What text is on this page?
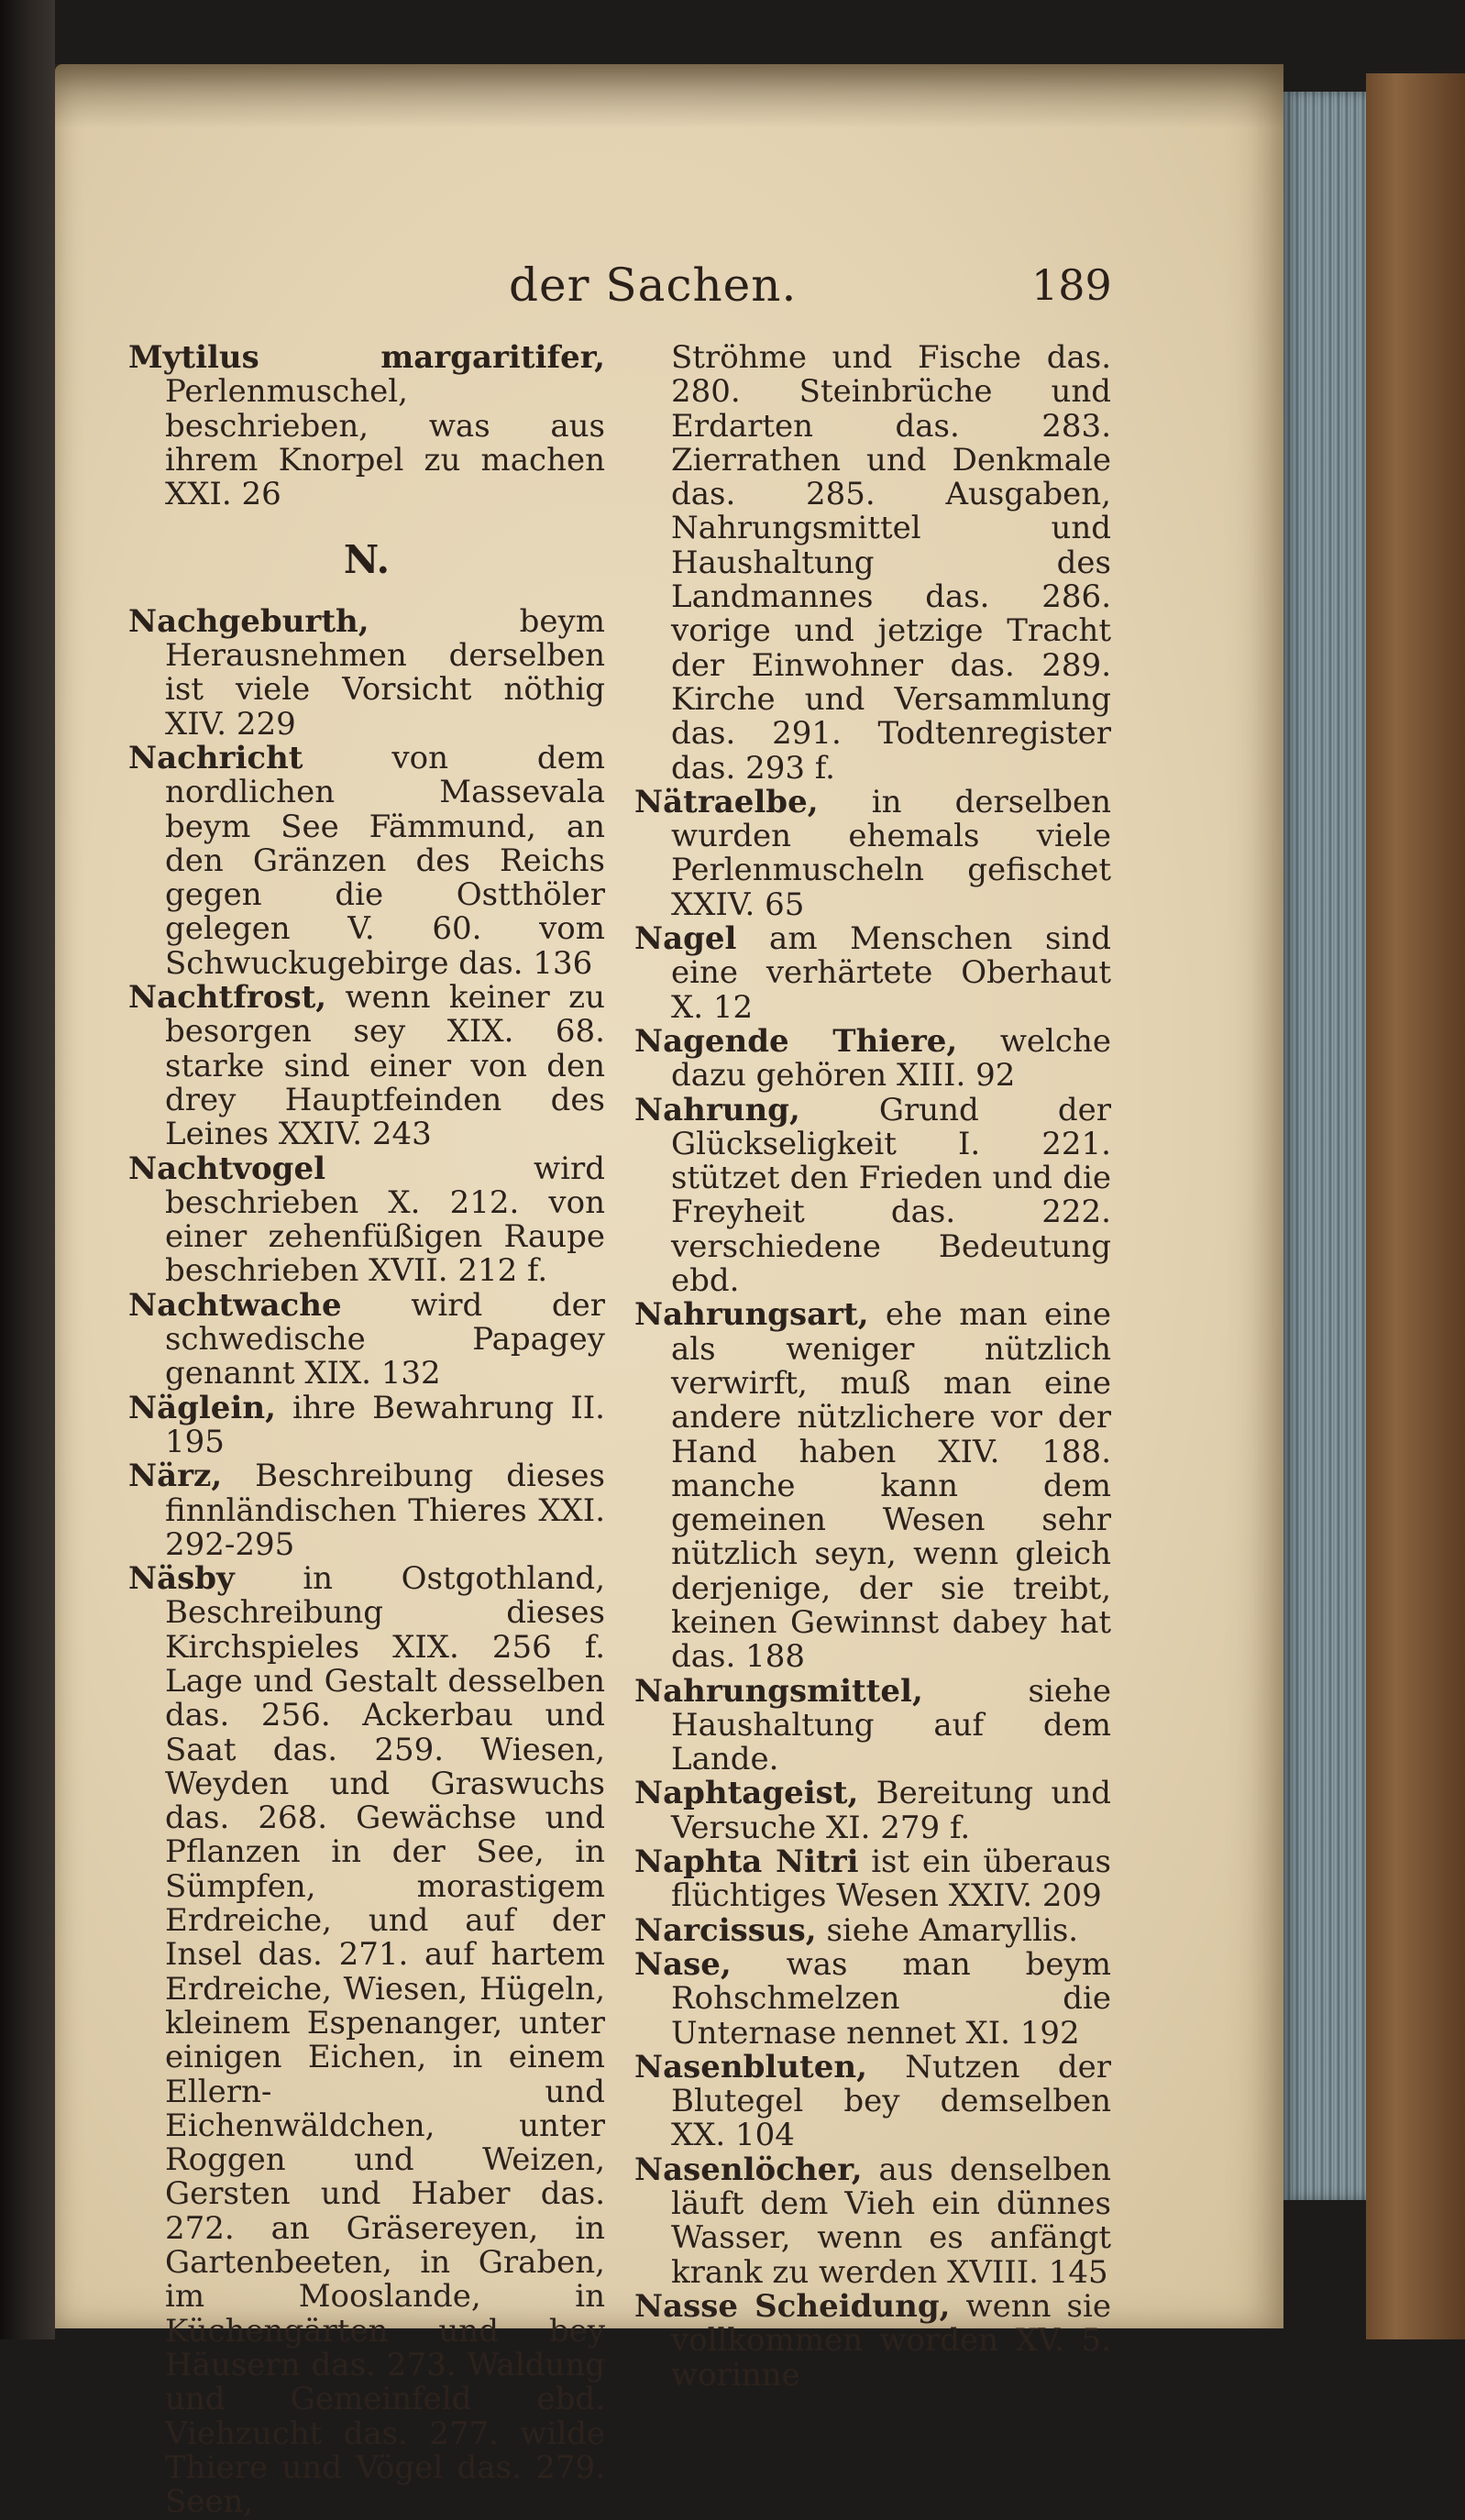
der Sachen.	189
Mytilus margaritifer, Perlenmuschel, beschrieben, was aus ihrem Knorpel zu machen XXI. 26
N.
Nachgeburth,	beym Herausnehmen derselben ist viele Vorsicht nöthig XIV. 229
Nachricht	von dem nordlichen Massevala beym See Fämmund, an den Gränzen des Reichs gegen die Ostthöler gelegen V. 60. vom Schwuckugebirge das. 136
Nachtfrost, wenn keiner zu besorgen sey XIX. 68. starke sind einer von den drey Hauptfeinden des Leines XXIV. 243
Nachtvogel	wird beschrieben X. 212. von einer zehenfüßigen Raupe beschrieben XVII. 212 f.
Nachtwache wird der schwedische Papagey genannt XIX. 132
Näglein, ihre Bewahrung II. 195
Närz, Beschreibung dieses finnländischen Thieres XXI. 292-295
Näsby in Ostgothland, Beschreibung dieses Kirchspieles XIX. 256 f. Lage und Gestalt desselben das. 256. Ackerbau und Saat das. 259. Wiesen, Weyden und Graswuchs das. 268. Gewächse und Pflanzen in der See, in Sümpfen, morastigem Erdreiche, und auf der Insel das. 271. auf hartem Erdreiche, Wiesen, Hügeln, kleinem Espenanger, unter einigen Eichen, in einem Ellern- und Eichenwäldchen, unter Roggen und Weizen, Gersten und Haber das. 272. an Gräsereyen, in Gartenbeeten, in Graben, im Mooslande, in Küchengärten und bey Häusern das. 273. Waldung und Gemeinfeld ebd. Viehzucht das. 277. wilde Thiere und Vögel das. 279. Seen,
Ströhme und Fische das. 280. Steinbrüche und Erdarten das. 283. Zierrathen und Denkmale das. 285. Ausgaben, Nahrungsmittel und Haushaltung des Landmannes das. 286. vorige und jetzige Tracht der Einwohner das. 289. Kirche und Versammlung das. 291. Todtenregister das. 293 f.
Nätraelbe, in derselben wurden ehemals viele Perlenmuscheln gefischet XXIV. 65
Nagel am Menschen sind eine verhärtete Oberhaut X. 12
Nagende Thiere, welche dazu gehören XIII. 92
Nahrung,	Grund der Glückseligkeit I. 221. stützet den Frieden und die Freyheit das. 222. verschiedene Bedeutung ebd.
Nahrungsart, ehe man eine als weniger nützlich verwirft, muß man eine andere nützlichere vor der Hand haben XIV. 188. manche kann dem gemeinen Wesen sehr nützlich seyn, wenn gleich derjenige, der sie treibt, keinen Gewinnst dabey hat das. 188
Nahrungsmittel,	siehe Haushaltung auf dem Lande.
Naphtageist, Bereitung und Versuche XI. 279 f.
Naphta Nitri ist ein überaus flüchtiges Wesen XXIV. 209
Narcissus, siehe Amaryllis.
Nase, was man beym Rohschmelzen die Unternase nennet XI. 192
Nasenbluten, Nutzen der Blutegel bey demselben XX. 104
Nasenlöcher, aus denselben läuft dem Vieh ein dünnes Wasser, wenn es anfängt krank zu werden XVIII. 145
Nasse Scheidung, wenn sie vollkommen worden XV. 5. worinne
